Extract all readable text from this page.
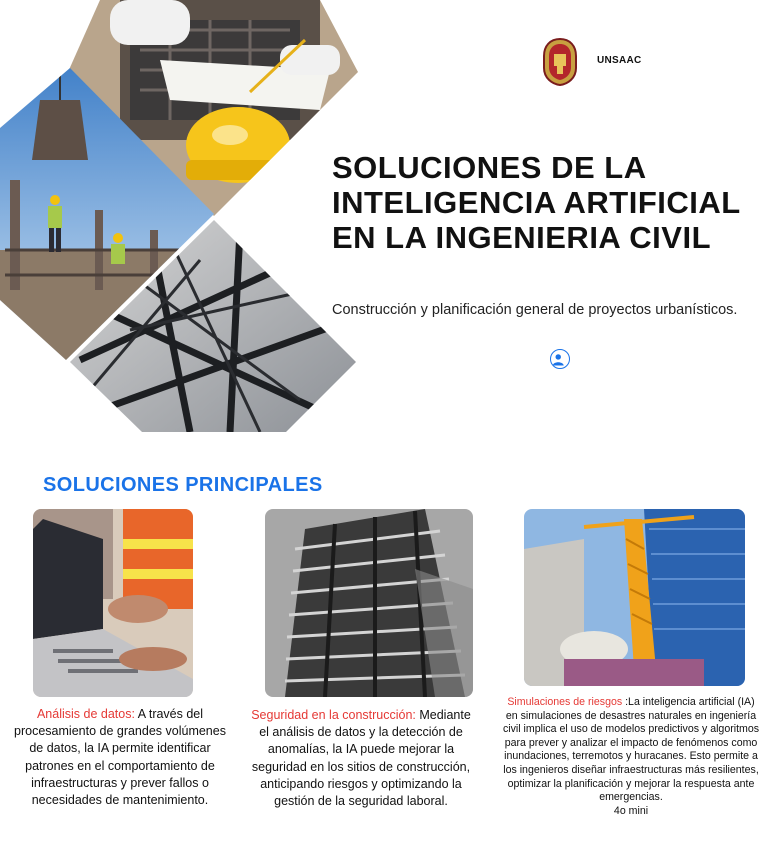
UNSAAC
SOLUCIONES DE LA INTELIGENCIA ARTIFICIAL EN LA INGENIERIA CIVIL

Construcción y planificación general de proyectos urbanísticos.

SOLUCIONES PRINCIPALES

Análisis de datos: A través del procesamiento de grandes volúmenes de datos, la IA permite identificar patrones en el comportamiento de infraestructuras y prever fallos o necesidades de mantenimiento.

Seguridad en la construcción: Mediante el análisis de datos y la detección de anomalías, la IA puede mejorar la seguridad en los sitios de construcción, anticipando riesgos y optimizando la gestión de la seguridad laboral.

Simulaciones de riesgos :La inteligencia artificial (IA) en simulaciones de desastres naturales en ingeniería civil implica el uso de modelos predictivos y algoritmos para prever y analizar el impacto de fenómenos como inundaciones, terremotos y huracanes. Esto permite a los ingenieros diseñar infraestructuras más resilientes, optimizar la planificación y mejorar la respuesta ante emergencias.
4o mini
